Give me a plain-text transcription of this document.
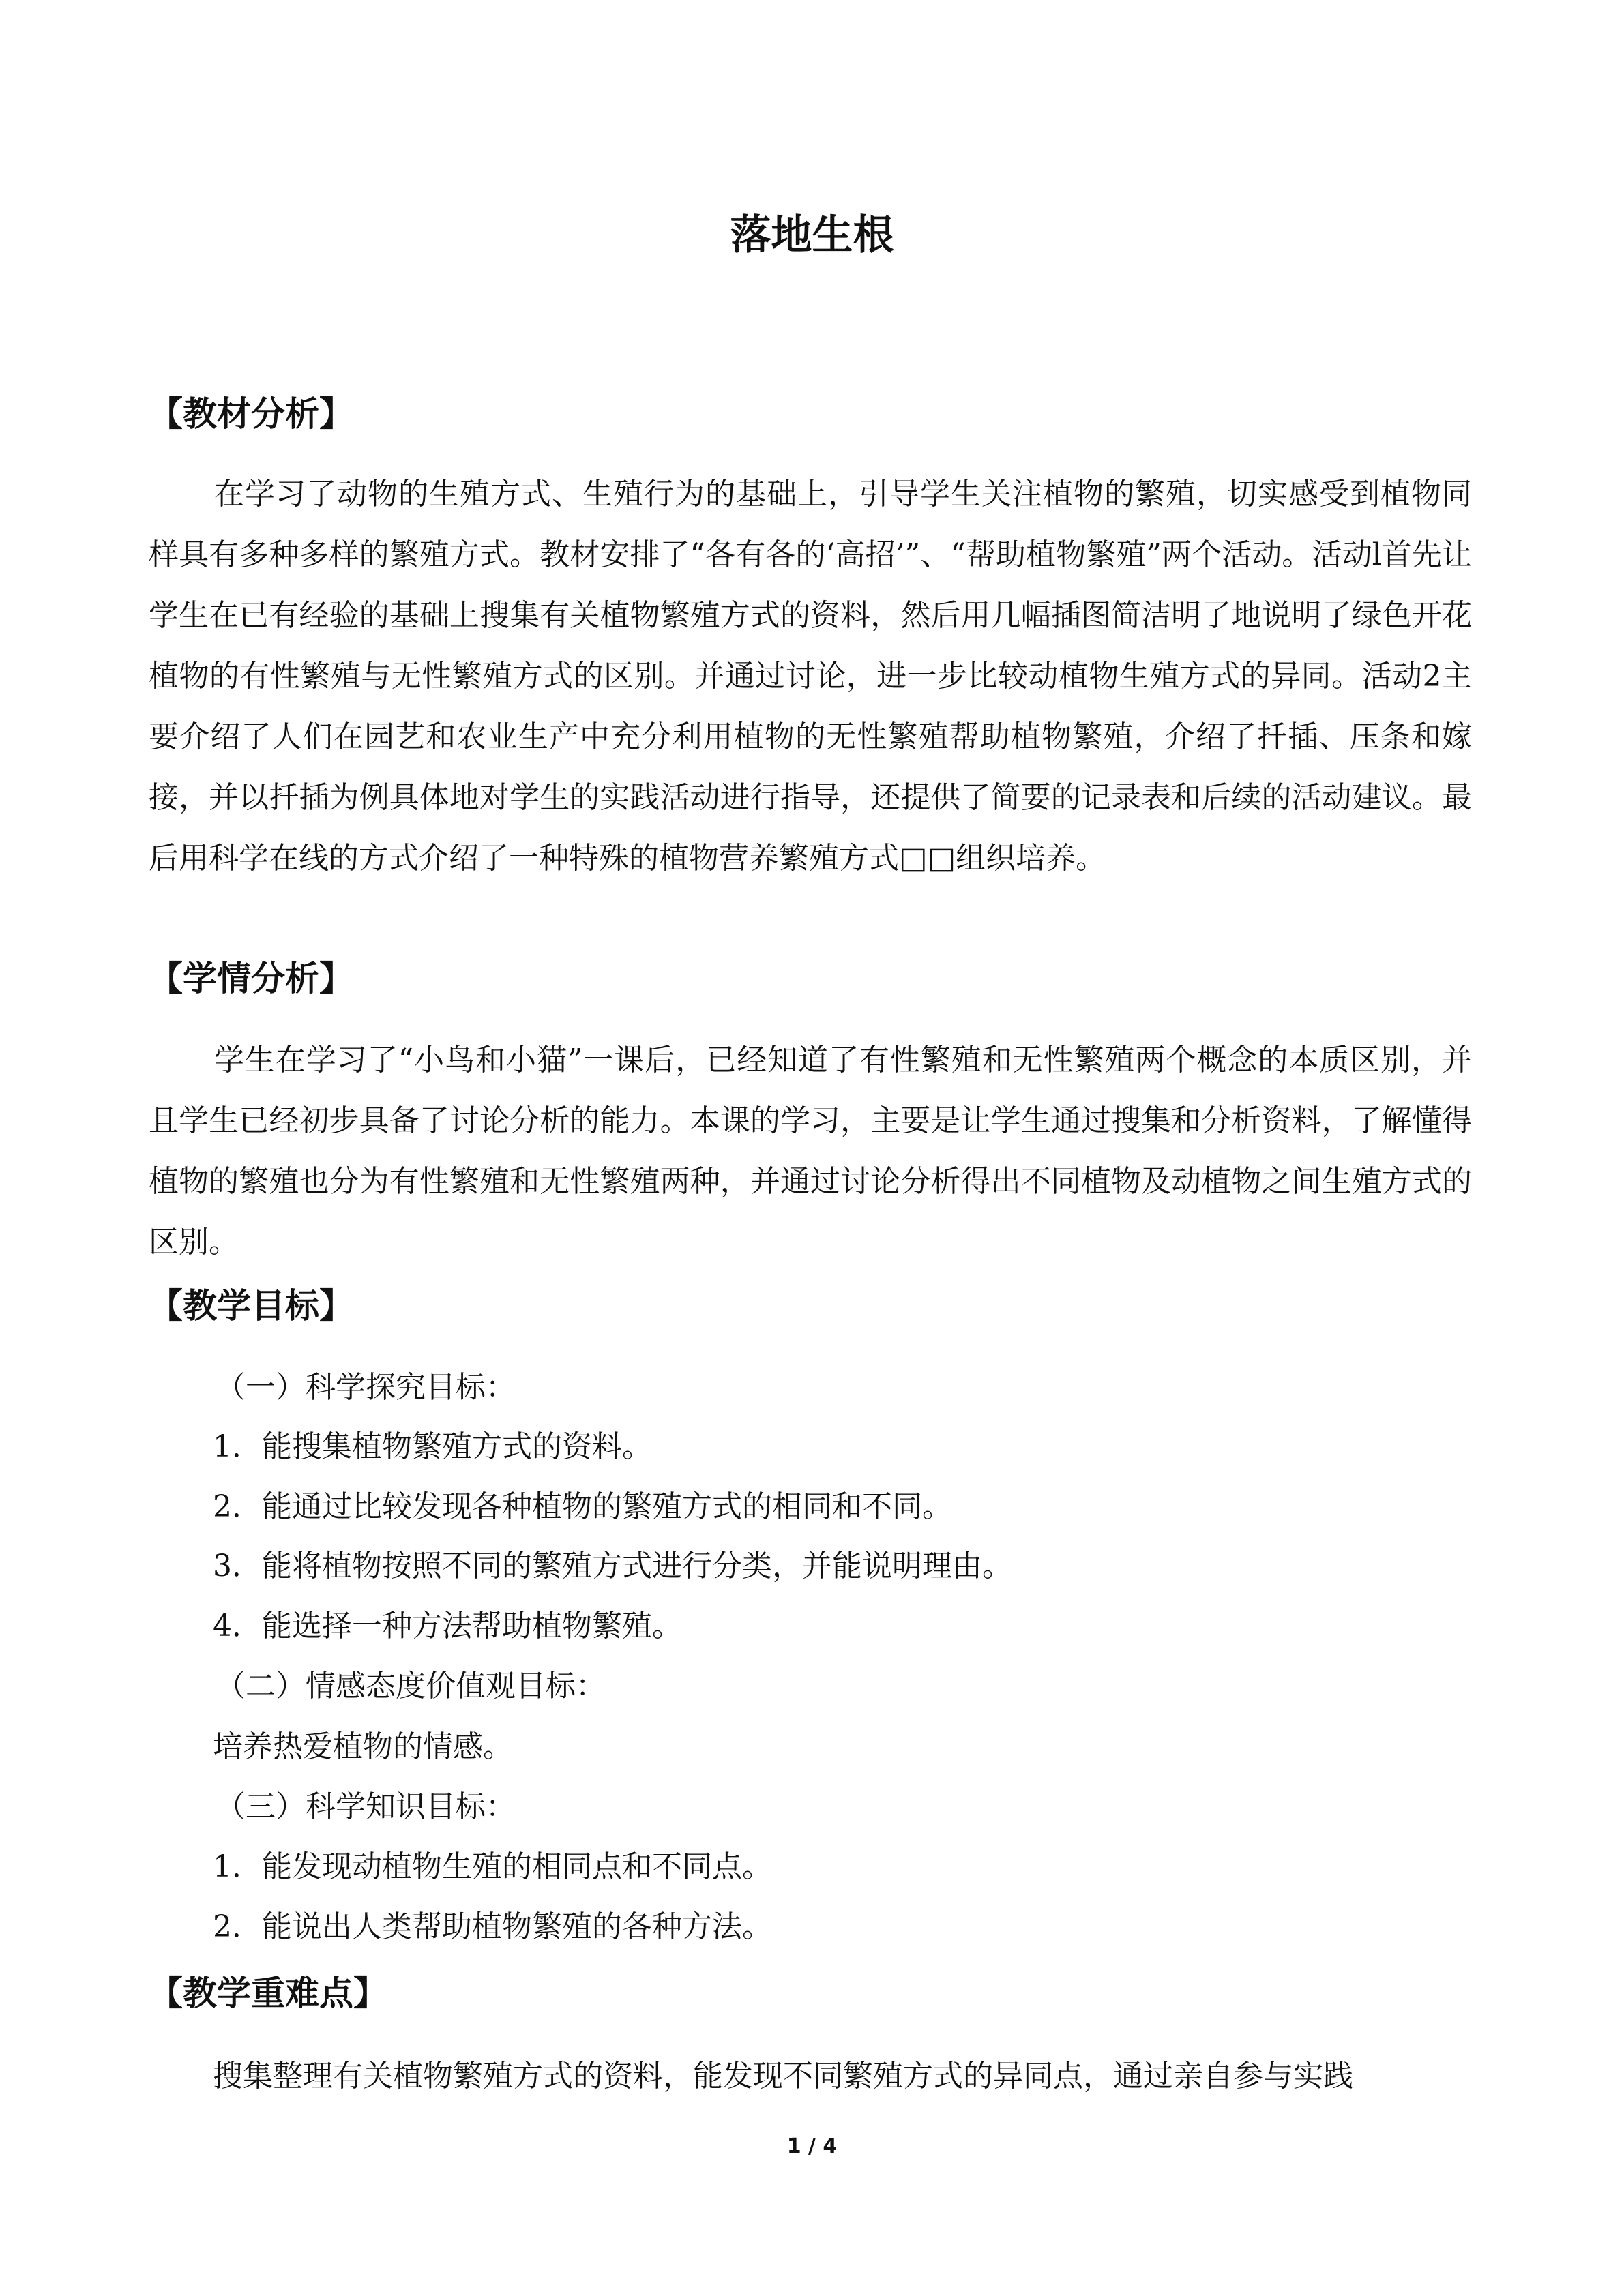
落地生根
【教材分析】

在学习了动物的生殖方式、生殖行为的基础上，引导学生关注植物的繁殖，切实感受到植物同样具有多种多样的繁殖方式。教材安排了“各有各的‘高招’”、“帮助植物繁殖”两个活动。活动l首先让学生在已有经验的基础上搜集有关植物繁殖方式的资料，然后用几幅插图简洁明了地说明了绿色开花植物的有性繁殖与无性繁殖方式的区别。并通过讨论，进一步比较动植物生殖方式的异同。活动2主要介绍了人们在园艺和农业生产中充分利用植物的无性繁殖帮助植物繁殖，介绍了扦插、压条和嫁接，并以扦插为例具体地对学生的实践活动进行指导，还提供了简要的记录表和后续的活动建议。最后用科学在线的方式介绍了一种特殊的植物营养繁殖方式□□组织培养。

【学情分析】

学生在学习了“小鸟和小猫”一课后，已经知道了有性繁殖和无性繁殖两个概念的本质区别，并且学生已经初步具备了讨论分析的能力。本课的学习，主要是让学生通过搜集和分析资料，了解懂得植物的繁殖也分为有性繁殖和无性繁殖两种，并通过讨论分析得出不同植物及动植物之间生殖方式的区别。

【教学目标】
（一）科学探究目标：
1．能搜集植物繁殖方式的资料。
2．能通过比较发现各种植物的繁殖方式的相同和不同。
3．能将植物按照不同的繁殖方式进行分类，并能说明理由。
4．能选择一种方法帮助植物繁殖。
（二）情感态度价值观目标：
培养热爱植物的情感。
（三）科学知识目标：
1．能发现动植物生殖的相同点和不同点。
2．能说出人类帮助植物繁殖的各种方法。
【教学重难点】
搜集整理有关植物繁殖方式的资料，能发现不同繁殖方式的异同点，通过亲自参与实践
1 / 4
